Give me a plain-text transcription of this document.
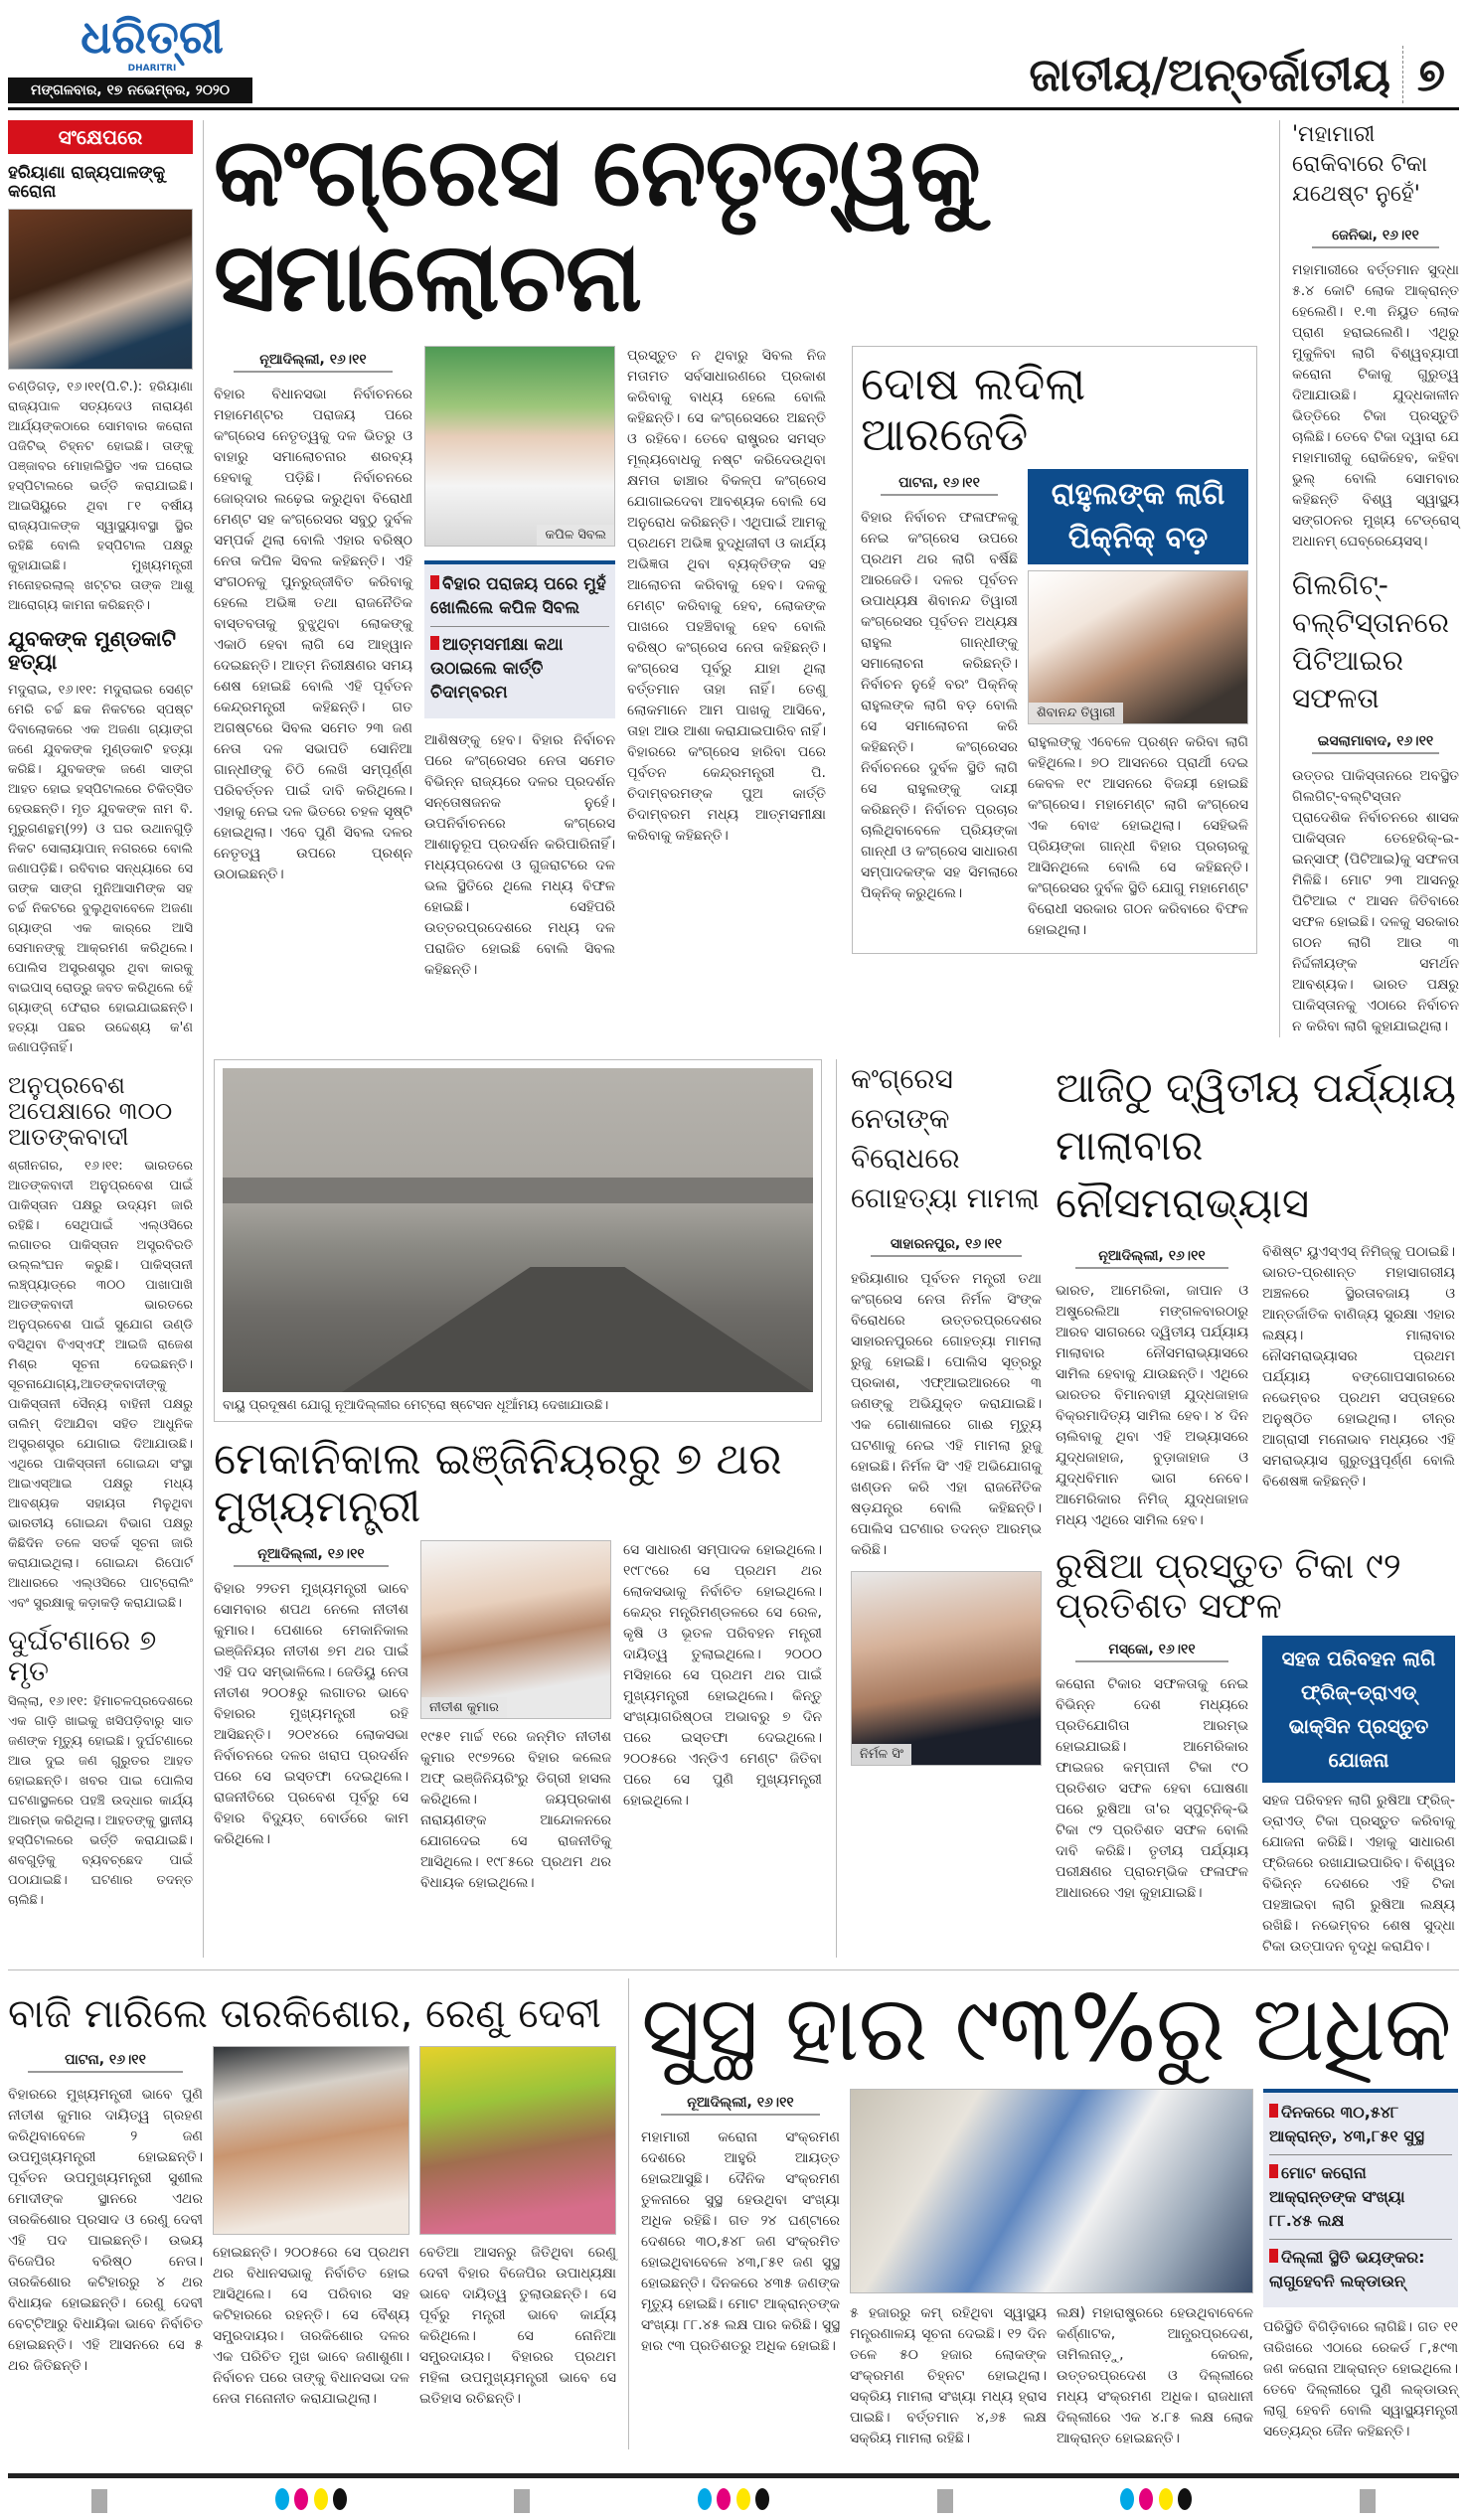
ଧରିତ୍ରୀ
DHARITRI
ମଙ୍ଗଳବାର, ୧୭ ନଭେମ୍ବର, ୨୦୨୦	ଜାତୀୟ/ଅନ୍ତର୍ଜାତୀୟ ୭
ସଂକ୍ଷେପରେ
ହରିୟାଣା ରାଜ୍ୟପାଳଙ୍କୁ କରୋନା
ଚଣ୍ଡିଗଡ଼, ୧୬।୧୧(ପି.ଟି.): ହରିୟାଣା ରାଜ୍ୟପାଳ ସତ୍ୟଦେଓ ନାରାୟଣ ଆର୍ଯ୍ୟଙ୍କଠାରେ ସୋମବାର କରୋନା ପଜିଟିଭ୍ ଚିହ୍ନଟ ହୋଇଛି। ତାଙ୍କୁ ପଞ୍ଜାବର ମୋହାଲିସ୍ଥିତ ଏକ ଘରୋଇ ହସ୍ପିଟାଲରେ ଭର୍ତ୍ତି କରାଯାଇଛି। ଆଇସିୟୁରେ ଥିବା ୮୧ ବର୍ଷୀୟ ରାଜ୍ୟପାଳଙ୍କ ସ୍ୱାସ୍ଥ୍ୟାବସ୍ଥା ସ୍ଥିର ରହିଛି ବୋଲି ହସ୍ପିଟାଲ ପକ୍ଷରୁ କୁହାଯାଇଛି। ମୁଖ୍ୟମନ୍ତ୍ରୀ ମନୋହରଲାଲ୍ ଖଟ୍ଟର ତାଙ୍କ ଆଶୁ ଆରୋଗ୍ୟ କାମନା କରିଛନ୍ତି।
ଯୁବକଙ୍କ ମୁଣ୍ଡକାଟି ହତ୍ୟା
ମଦୁରାଇ, ୧୬।୧୧: ମଦୁରାଇର ସେଣ୍ଟ ମେରି ଚର୍ଚ୍ଚ ଛକ ନିକଟରେ ସ୍ପଷ୍ଟ ଦିବାଲୋକରେ ଏକ ଅଜଣା ଗ୍ୟାଙ୍ଗ ଜଣେ ଯୁବକଙ୍କ ମୁଣ୍ଡକାଟି ହତ୍ୟା କରିଛି। ଯୁବକଙ୍କ ଜଣେ ସାଙ୍ଗ ଆହତ ହୋଇ ହସ୍ପିଟାଲରେ ଚିକିତ୍ସିତ ହେଉଛନ୍ତି। ମୃତ ଯୁବକଙ୍କ ନାମ ବି. ମୁରୁଗଣନ୍ଥମ୍(୨୨) ଓ ଘର ଉଥାନଗୁଡ଼ି ନିକଟ ସୋଲାୟାପାନ୍ ନଗରରେ ବୋଲି ଜଣାପଡ଼ିଛି। ରବିବାର ସନ୍ଧ୍ୟାରେ ସେ ତାଙ୍କ ସାଙ୍ଗ ମୁନିଆସାମିଙ୍କ ସହ ଚର୍ଚ୍ଚ ନିକଟରେ ବୁଲୁଥିବାବେଳେ ଅଜଣା ଗ୍ୟାଙ୍ଗ ଏକ କାର୍‌ରେ ଆସି ସେମାନଙ୍କୁ ଆକ୍ରମଣ କରିଥିଲେ। ପୋଲିସ ଅସ୍ତ୍ରଶସ୍ତ୍ର ଥିବା କାରକୁ ବାଇପାସ୍ ରୋଡ୍‌ରୁ ଜବତ କରିଥିଲେ ହେଁ ଗ୍ୟାଙ୍ଗ୍ ଫେରାର ହୋଇଯାଇଛନ୍ତି। ହତ୍ୟା ପଛର ଉଦ୍ଦେଶ୍ୟ କ'ଣ ଜଣାପଡ଼ିନାହିଁ।
ଅନୁପ୍ରବେଶ ଅପେକ୍ଷାରେ ୩୦୦ ଆତଙ୍କବାଦୀ
ଶ୍ରୀନଗର, ୧୬।୧୧: ଭାରତରେ ଆତଙ୍କବାଦୀ ଅନୁପ୍ରବେଶ ପାଇଁ ପାକିସ୍ତାନ ପକ୍ଷରୁ ଉଦ୍ୟମ ଜାରି ରହିଛି। ସେଥିପାଇଁ ଏଲ୍‌ଓସିରେ ଲଗାତର ପାକିସ୍ତାନ ଅସ୍ତ୍ରବିରତି ଉଲ୍ଲଂଘନ କରୁଛି। ପାକିସ୍ତାନୀ ଲଞ୍ଚ୍‌ପ୍ୟାଡ୍‌ରେ ୩୦୦ ପାଖାପାଖି ଆତଙ୍କବାଦୀ ଭାରତରେ ଅନୁପ୍ରବେଶ ପାଇଁ ସୁଯୋଗ ଉଣ୍ଡି ବସିଥିବା ବିଏସ୍‌ଏଫ୍ ଆଇଜି ରାଜେଶ ମିଶ୍ର ସୂଚନା ଦେଇଛନ୍ତି। ସୂଚନାଯୋଗ୍ୟ,ଆତଙ୍କବାଦୀଙ୍କୁ ପାକିସ୍ତାନୀ ସୈନ୍ୟ ବାହିନୀ ପକ୍ଷରୁ ତାଲିମ୍ ଦିଆଯିବା ସହିତ ଆଧୁନିକ ଅସ୍ତ୍ରଶସ୍ତ୍ର ଯୋଗାଇ ଦିଆଯାଉଛି। ଏଥିରେ ପାକିସ୍ତାନୀ ଗୋଇନ୍ଦା ସଂସ୍ଥା ଆଇଏସ୍‌ଆଇ ପକ୍ଷରୁ ମଧ୍ୟ ଆବଶ୍ୟକ ସହାୟତା ମିଳୁଥିବା ଭାରତୀୟ ଗୋଇନ୍ଦା ବିଭାଗ ପକ୍ଷରୁ କିଛିଦିନ ତଳେ ସତର୍କ ସୂଚନା ଜାରି କରାଯାଇଥିଲା। ଗୋଇନ୍ଦା ରିପୋର୍ଟ ଆଧାରରେ ଏଲ୍‌ଓସିରେ ପାଟ୍ରୋଲିଂ ଏବଂ ସୁରକ୍ଷାକୁ କଡ଼ାକଡ଼ି କରାଯାଇଛି।
ଦୁର୍ଘଟଣାରେ ୭ ମୃତ
ସିଲ୍ଲା, ୧୬।୧୧: ହିମାଚଳପ୍ରଦେଶରେ ଏକ ଗାଡ଼ି ଖାଇକୁ ଖସିପଡ଼ିବାରୁ ସାତ ଜଣଙ୍କ ମୃତ୍ୟୁ ହୋଇଛି। ଦୁର୍ଘଟଣାରେ ଆଉ ଦୁଇ ଜଣ ଗୁରୁତର ଆହତ ହୋଇଛନ୍ତି। ଖବର ପାଇ ପୋଲିସ ଘଟଣାସ୍ଥଳରେ ପହଞ୍ଚି ଉଦ୍ଧାର କାର୍ଯ୍ୟ ଆରମ୍ଭ କରିଥିଲା। ଆହତଙ୍କୁ ସ୍ଥାନୀୟ ହସ୍ପିଟାଲରେ ଭର୍ତ୍ତି କରାଯାଇଛି। ଶବଗୁଡ଼ିକୁ ବ୍ୟବଚ୍ଛେଦ ପାଇଁ ପଠାଯାଇଛି। ଘଟଣାର ତଦନ୍ତ ଚାଲିଛି।
କଂଗ୍ରେସ ନେତୃତ୍ୱକୁ ସମାଲୋଚନା
ନୂଆଦିଲ୍ଲୀ, ୧୬।୧୧
ବିହାର ବିଧାନସଭା ନିର୍ବାଚନରେ ମହାମେଣ୍ଟର ପରାଜୟ ପରେ କଂଗ୍ରେସ ନେତୃତ୍ୱକୁ ଦଳ ଭିତରୁ ଓ ବାହାରୁ ସମାଲୋଚନାର ଶରବ୍ୟ ହେବାକୁ ପଡ଼ିଛି। ନିର୍ବାଚନରେ ଜୋର୍‌ଦାର ଲଢ଼େଇ କରୁଥିବା ବିରୋଧୀ ମେଣ୍ଟ ସହ କଂଗ୍ରେସର ସବୁଠୁ ଦୁର୍ବଳ ସମ୍ପର୍କ ଥିଲା ବୋଲି ଏହାର ବରିଷ୍ଠ ନେତା କପିଳ ସିବଲ କହିଛନ୍ତି। ଏହି ସଂଗଠନକୁ ପୁନରୁଜ୍ଜୀବିତ କରିବାକୁ ହେଲେ ଅଭିଜ୍ଞ ତଥା ରାଜନୈତିକ ବାସ୍ତବତାକୁ ବୁଝୁଥିବା ଲୋକଙ୍କୁ ଏକାଠି ହେବା ଲାଗି ସେ ଆହ୍ୱାନ ଦେଇଛନ୍ତି। ଆତ୍ମ ନିରୀକ୍ଷଣର ସମୟ ଶେଷ ହୋଇଛି ବୋଲି ଏହି ପୂର୍ବତନ କେନ୍ଦ୍ରମନ୍ତ୍ରୀ କହିଛନ୍ତି। ଗତ ଅଗଷ୍ଟରେ ସିବଲ ସମେତ ୨୩ ଜଣ ନେତା ଦଳ ସଭାପତି ସୋନିଆ ଗାନ୍ଧୀଙ୍କୁ ଚିଠି ଲେଖି ସମ୍ପୂର୍ଣ୍ଣ ପରିବର୍ତ୍ତନ ପାଇଁ ଦାବି କରିଥିଲେ। ଏହାକୁ ନେଇ ଦଳ ଭିତରେ ଚହଳ ସୃଷ୍ଟି ହୋଇଥିଲା। ଏବେ ପୁଣି ସିବଲ ଦଳର ନେତୃତ୍ୱ ଉପରେ ପ୍ରଶ୍ନ ଉଠାଇଛନ୍ତି।
କପିଳ ସିବଲ
ବିହାର ପରାଜୟ ପରେ ମୁହଁ ଖୋଲିଲେ କପିଳ ସିବଲ
ଆତ୍ମସମୀକ୍ଷା କଥା ଉଠାଇଲେ କାର୍ତ୍ତି ଚିଦାମ୍ବରମ
ଆଶିଷଙ୍କୁ ହେବ। ବିହାର ନିର୍ବାଚନ ପରେ କଂଗ୍ରେସର ନେତା ସମେତ ବିଭିନ୍ନ ରାଜ୍ୟରେ ଦଳର ପ୍ରଦର୍ଶନ ସନ୍ତୋଷଜନକ ନୁହେଁ। ଉପନିର୍ବାଚନରେ କଂଗ୍ରେସ ଆଶାନୁରୂପ ପ୍ରଦର୍ଶନ କରିପାରିନାହିଁ। ମଧ୍ୟପ୍ରଦେଶ ଓ ଗୁଜରାଟରେ ଦଳ ଭଲ ସ୍ଥିତିରେ ଥିଲେ ମଧ୍ୟ ବିଫଳ ହୋଇଛି। ସେହିପରି ଉତ୍ତରପ୍ରଦେଶରେ ମଧ୍ୟ ଦଳ ପରାଜିତ ହୋଇଛି ବୋଲି ସିବଲ କହିଛନ୍ତି।
ପ୍ରସ୍ତୁତ ନ ଥିବାରୁ ସିବଲ ନିଜ ମତାମତ ସର୍ବସାଧାରଣରେ ପ୍ରକାଶ କରିବାକୁ ବାଧ୍ୟ ହେଲେ ବୋଲି କହିଛନ୍ତି। ସେ କଂଗ୍ରେସରେ ଅଛନ୍ତି ଓ ରହିବେ। ତେବେ ରାଷ୍ଟ୍ରର ସମସ୍ତ ମୂଲ୍ୟବୋଧକୁ ନଷ୍ଟ କରିଦେଉଥିବା କ୍ଷମତା ଢାଞ୍ଚାର ବିକଳ୍ପ କଂଗ୍ରେସ ଯୋଗାଇଦେବା ଆବଶ୍ୟକ ବୋଲି ସେ ଅନୁରୋଧ କରିଛନ୍ତି। ଏଥିପାଇଁ ଆମକୁ ପ୍ରଥମେ ଅଭିଜ୍ଞ ବୁଦ୍ଧିଜୀବୀ ଓ କାର୍ଯ୍ୟ ଅଭିଜ୍ଞତା ଥିବା ବ୍ୟକ୍ତିଙ୍କ ସହ ଆଲୋଚନା କରିବାକୁ ହେବ। ଦଳକୁ ମେଣ୍ଟ କରିବାକୁ ହେବ, ଲୋକଙ୍କ ପାଖରେ ପହଞ୍ଚିବାକୁ ହେବ ବୋଲି ବରିଷ୍ଠ କଂଗ୍ରେସ ନେତା କହିଛନ୍ତି। କଂଗ୍ରେସ ପୂର୍ବରୁ ଯାହା ଥିଲା ବର୍ତ୍ତମାନ ତାହା ନାହିଁ। ତେଣୁ ଲୋକମାନେ ଆମ ପାଖକୁ ଆସିବେ, ତାହା ଆଉ ଆଶା କରାଯାଇପାରିବ ନାହିଁ। ବିହାରରେ କଂଗ୍ରେସ ହାରିବା ପରେ ପୂର୍ବତନ କେନ୍ଦ୍ରମନ୍ତ୍ରୀ ପି. ଚିଦାମ୍ବରମଙ୍କ ପୁଅ କାର୍ତ୍ତି ଚିଦାମ୍ବରମ ମଧ୍ୟ ଆତ୍ମସମୀକ୍ଷା କରିବାକୁ କହିଛନ୍ତି।
ଦୋଷ ଲଦିଲା ଆରଜେଡି
ପାଟନା, ୧୬।୧୧
ବିହାର ନିର୍ବାଚନ ଫଳାଫଳକୁ ନେଇ କଂଗ୍ରେସ ଉପରେ ପ୍ରଥମ ଥର ଲାଗି ବର୍ଷିଛି ଆରଜେଡି। ଦଳର ପୂର୍ବତନ ଉପାଧ୍ୟକ୍ଷ ଶିବାନନ୍ଦ ତିୱାରୀ କଂଗ୍ରେସର ପୂର୍ବତନ ଅଧ୍ୟକ୍ଷ ରାହୁଲ ଗାନ୍ଧୀଙ୍କୁ ସମାଲୋଚନା କରିଛନ୍ତି। ନିର୍ବାଚନ ନୁହେଁ ବରଂ ପିକ୍‌ନିକ୍ ରାହୁଲଙ୍କ ଲାଗି ବଡ଼ ବୋଲି ସେ ସମାଲୋଚନା କରି କହିଛନ୍ତି। କଂଗ୍ରେସର ନିର୍ବାଚନରେ ଦୁର୍ବଳ ସ୍ଥିତି ଲାଗି ସେ ରାହୁଲଙ୍କୁ ଦାୟୀ କରିଛନ୍ତି। ନିର୍ବାଚନ ପ୍ରଚାର ଚାଲିଥିବାବେଳେ ପ୍ରିୟଙ୍କା ଗାନ୍ଧୀ ଓ କଂଗ୍ରେସ ସାଧାରଣ ସମ୍ପାଦକଙ୍କ ସହ ସିମଲାରେ ପିକ୍‌ନିକ୍ କରୁଥିଲେ।
ରାହୁଲଙ୍କ ଲାଗି ପିକ୍‌ନିକ୍ ବଡ଼
ଶିବାନନ୍ଦ ତିୱାରୀ
ରାହୁଲଙ୍କୁ ଏବେଳେ ପ୍ରଶ୍ନ କରିବା ଲାଗି କହିଥିଲେ। ୭୦ ଆସନରେ ପ୍ରାର୍ଥୀ ଦେଇ କେବଳ ୧୯ ଆସନରେ ବିଜୟୀ ହୋଇଛି କଂଗ୍ରେସ। ମହାମେଣ୍ଟ ଲାଗି କଂଗ୍ରେସ ଏକ ବୋଝ ହୋଇଥିଲା। ସେହିଭଳି ପ୍ରିୟଙ୍କା ଗାନ୍ଧୀ ବିହାର ପ୍ରଚାରକୁ ଆସିନଥିଲେ ବୋଲି ସେ କହିଛନ୍ତି। କଂଗ୍ରେସର ଦୁର୍ବଳ ସ୍ଥିତି ଯୋଗୁ ମହାମେଣ୍ଟ ବିରୋଧୀ ସରକାର ଗଠନ କରିବାରେ ବିଫଳ ହୋଇଥିଲା।
'ମହାମାରୀ ରୋକିବାରେ ଟିକା ଯଥେଷ୍ଟ ନୁହେଁ'
ଜେନିଭା, ୧୬।୧୧
ମହାମାରୀରେ ବର୍ତ୍ତମାନ ସୁଦ୍ଧା ୫.୪ କୋଟି ଲୋକ ଆକ୍ରାନ୍ତ ହେଲେଣି। ୧.୩ ନିୟୁତ ଲୋକ ପ୍ରାଣ ହରାଇଲେଣି। ଏଥିରୁ ମୁକୁଳିବା ଲାଗି ବିଶ୍ୱବ୍ୟାପୀ କରୋନା ଟିକାକୁ ଗୁରୁତ୍ୱ ଦିଆଯାଉଛି। ଯୁଦ୍ଧକାଳୀନ ଭିତ୍ତିରେ ଟିକା ପ୍ରସ୍ତୁତି ଚାଲିଛି। ତେବେ ଟିକା ଦ୍ୱାରା ଯେ ମହାମାରୀକୁ ରୋକିହେବ, କହିବା ଭୁଲ୍ ବୋଲି ସୋମବାର କହିଛନ୍ତି ବିଶ୍ୱ ସ୍ୱାସ୍ଥ୍ୟ ସଙ୍ଗଠନର ମୁଖ୍ୟ ଟେଡ୍ରୋସ୍ ଅଧାନମ୍ ଘେବ୍ରେୟେସସ୍।
ଗିଲଗିଟ୍-ବଲ୍ଟିସ୍ତାନରେ ପିଟିଆଇର ସଫଳତା
ଇସଲାମାବାଦ, ୧୬।୧୧
ଉତ୍ତର ପାକିସ୍ତାନରେ ଅବସ୍ଥିତ ଗିଲଗିଟ୍-ବଲ୍ଟିସ୍ତାନ ପ୍ରାଦେଶିକ ନିର୍ବାଚନରେ ଶାସକ ପାକିସ୍ତାନ ତେହେରିକ୍-ଇ-ଇନ୍‌ସାଫ୍ (ପିଟିଆଇ)କୁ ସଫଳତା ମିଳିଛି। ମୋଟ ୨୩ ଆସନରୁ ପିଟିଆଇ ୯ ଆସନ ଜିତିବାରେ ସଫଳ ହୋଇଛି। ଦଳକୁ ସରକାର ଗଠନ ଲାଗି ଆଉ ୩ ନିର୍ଦ୍ଦଳୀୟଙ୍କ ସମର୍ଥନ ଆବଶ୍ୟକ। ଭାରତ ପକ୍ଷରୁ ପାକିସ୍ତାନକୁ ଏଠାରେ ନିର୍ବାଚନ ନ କରିବା ଲାଗି କୁହାଯାଇଥିଲା।
ବାୟୁ ପ୍ରଦୂଷଣ ଯୋଗୁ ନୂଆଦିଲ୍ଲୀର ମେଟ୍ରୋ ଷ୍ଟେସନ ଧୂଆଁମୟ ଦେଖାଯାଉଛି।
ମେକାନିକାଲ ଇଞ୍ଜିନିୟରରୁ ୭ ଥର ମୁଖ୍ୟମନ୍ତ୍ରୀ
ନୂଆଦିଲ୍ଲୀ, ୧୬।୧୧
ବିହାର ୨୨ତମ ମୁଖ୍ୟମନ୍ତ୍ରୀ ଭାବେ ସୋମବାର ଶପଥ ନେଲେ ନୀତୀଶ କୁମାର। ପେଶାରେ ମେକାନିକାଲ ଇଞ୍ଜିନିୟର ନୀତୀଶ ୭ମ ଥର ପାଇଁ ଏହି ପଦ ସମ୍ଭାଳିଲେ। ଜେଡିୟୁ ନେତା ନୀତୀଶ ୨୦୦୫ରୁ ଲଗାତର ଭାବେ ବିହାରର ମୁଖ୍ୟମନ୍ତ୍ରୀ ରହି ଆସିଛନ୍ତି। ୨୦୧୪ରେ ଲୋକସଭା ନିର୍ବାଚନରେ ଦଳର ଖରାପ ପ୍ରଦର୍ଶନ ପରେ ସେ ଇସ୍ତଫା ଦେଇଥିଲେ। ରାଜନୀତିରେ ପ୍ରବେଶ ପୂର୍ବରୁ ସେ ବିହାର ବିଦ୍ୟୁତ୍ ବୋର୍ଡରେ କାମ କରିଥିଲେ।
ନୀତୀଶ କୁମାର
୧୯୫୧ ମାର୍ଚ୍ଚ ୧ରେ ଜନ୍ମିତ ନୀତୀଶ କୁମାର ୧୯୭୨ରେ ବିହାର କଲେଜ ଅଫ୍ ଇଞ୍ଜିନିୟରିଂରୁ ଡିଗ୍ରୀ ହାସଲ କରିଥିଲେ। ଜୟପ୍ରକାଶ ନାରାୟଣଙ୍କ ଆନ୍ଦୋଳନରେ ଯୋଗଦେଇ ସେ ରାଜନୀତିକୁ ଆସିଥିଲେ। ୧୯୮୫ରେ ପ୍ରଥମ ଥର ବିଧାୟକ ହୋଇଥିଲେ।
ସେ ସାଧାରଣ ସମ୍ପାଦକ ହୋଇଥିଲେ। ୧୯୮୯ରେ ସେ ପ୍ରଥମ ଥର ଲୋକସଭାକୁ ନିର୍ବାଚିତ ହୋଇଥିଲେ। କେନ୍ଦ୍ର ମନ୍ତ୍ରିମଣ୍ଡଳରେ ସେ ରେଳ, କୃଷି ଓ ଭୂତଳ ପରିବହନ ମନ୍ତ୍ରୀ ଦାୟିତ୍ୱ ତୁଲାଇଥିଲେ। ୨୦୦୦ ମସିହାରେ ସେ ପ୍ରଥମ ଥର ପାଇଁ ମୁଖ୍ୟମନ୍ତ୍ରୀ ହୋଇଥିଲେ। କିନ୍ତୁ ସଂଖ୍ୟାଗରିଷ୍ଠତା ଅଭାବରୁ ୭ ଦିନ ପରେ ଇସ୍ତଫା ଦେଇଥିଲେ। ୨୦୦୫ରେ ଏନ୍‌ଡିଏ ମେଣ୍ଟ ଜିତିବା ପରେ ସେ ପୁଣି ମୁଖ୍ୟମନ୍ତ୍ରୀ ହୋଇଥିଲେ।
କଂଗ୍ରେସ ନେତାଙ୍କ ବିରୋଧରେ ଗୋହତ୍ୟା ମାମଲା
ସାହାରନପୁର, ୧୬।୧୧
ହରିୟାଣାର ପୂର୍ବତନ ମନ୍ତ୍ରୀ ତଥା କଂଗ୍ରେସ ନେତା ନିର୍ମଳ ସିଂଙ୍କ ବିରୋଧରେ ଉତ୍ତରପ୍ରଦେଶର ସାହାରନପୁରରେ ଗୋହତ୍ୟା ମାମଲା ରୁଜୁ ହୋଇଛି। ପୋଲିସ ସୂତ୍ରରୁ ପ୍ରକାଶ, ଏଫ୍‌ଆଇଆରରେ ୩ ଜଣଙ୍କୁ ଅଭିଯୁକ୍ତ କରାଯାଇଛି। ଏକ ଗୋଶାଳାରେ ଗାଈ ମୃତ୍ୟୁ ଘଟଣାକୁ ନେଇ ଏହି ମାମଲା ରୁଜୁ ହୋଇଛି। ନିର୍ମଳ ସିଂ ଏହି ଅଭିଯୋଗକୁ ଖଣ୍ଡନ କରି ଏହା ରାଜନୈତିକ ଷଡ଼ଯନ୍ତ୍ର ବୋଲି କହିଛନ୍ତି। ପୋଲିସ ଘଟଣାର ତଦନ୍ତ ଆରମ୍ଭ କରିଛି।
ନିର୍ମଳ ସିଂ
ଆଜିଠୁ ଦ୍ୱିତୀୟ ପର୍ଯ୍ୟାୟ ମାଲାବାର ନୌସମରାଭ୍ୟାସ
ନୂଆଦିଲ୍ଲୀ, ୧୬।୧୧
ଭାରତ, ଆମେରିକା, ଜାପାନ ଓ ଅଷ୍ଟ୍ରେଲିଆ ମଙ୍ଗଳବାରଠାରୁ ଆରବ ସାଗରରେ ଦ୍ୱିତୀୟ ପର୍ଯ୍ୟାୟ ମାଲାବାର ନୌସମରାଭ୍ୟାସରେ ସାମିଲ ହେବାକୁ ଯାଉଛନ୍ତି। ଏଥିରେ ଭାରତର ବିମାନବାହୀ ଯୁଦ୍ଧଜାହାଜ ବିକ୍ରମାଦିତ୍ୟ ସାମିଲ ହେବ। ୪ ଦିନ ଚାଲିବାକୁ ଥିବା ଏହି ଅଭ୍ୟାସରେ ଯୁଦ୍ଧଜାହାଜ, ବୁଡ଼ାଜାହାଜ ଓ ଯୁଦ୍ଧବିମାନ ଭାଗ ନେବେ। ଆମେରିକାର ନିମିଜ୍ ଯୁଦ୍ଧଜାହାଜ ମଧ୍ୟ ଏଥିରେ ସାମିଲ ହେବ।
ବିଶିଷ୍ଟ ୟୁଏସ୍‌ଏସ୍ ନିମିଜ୍‌କୁ ପଠାଇଛି। ଭାରତ-ପ୍ରଶାନ୍ତ ମହାସାଗରୀୟ ଅଞ୍ଚଳରେ ସ୍ଥିରତାବଜାୟ ଓ ଆନ୍ତର୍ଜାତିକ ବାଣିଜ୍ୟ ସୁରକ୍ଷା ଏହାର ଲକ୍ଷ୍ୟ। ମାଲାବାର ନୌସମରାଭ୍ୟାସର ପ୍ରଥମ ପର୍ଯ୍ୟାୟ ବଙ୍ଗୋପସାଗରରେ ନଭେମ୍ବର ପ୍ରଥମ ସପ୍ତାହରେ ଅନୁଷ୍ଠିତ ହୋଇଥିଲା। ଚୀନ୍‌ର ଆଗ୍ରାସୀ ମନୋଭାବ ମଧ୍ୟରେ ଏହି ସମରାଭ୍ୟାସ ଗୁରୁତ୍ୱପୂର୍ଣ୍ଣ ବୋଲି ବିଶେଷଜ୍ଞ କହିଛନ୍ତି।
ରୁଷିଆ ପ୍ରସ୍ତୁତ ଟିକା ୯୨ ପ୍ରତିଶତ ସଫଳ
ମସ୍କୋ, ୧୬।୧୧
କରୋନା ଟିକାର ସଫଳତାକୁ ନେଇ ବିଭିନ୍ନ ଦେଶ ମଧ୍ୟରେ ପ୍ରତିଯୋଗିତା ଆରମ୍ଭ ହୋଇଯାଇଛି। ଆମେରିକାର ଫାଇଜର କମ୍ପାନୀ ଟିକା ୯୦ ପ୍ରତିଶତ ସଫଳ ହେବା ଘୋଷଣା ପରେ ରୁଷିଆ ତା'ର ସ୍ପୁଟ୍‌ନିକ୍-ଭି ଟିକା ୯୨ ପ୍ରତିଶତ ସଫଳ ବୋଲି ଦାବି କରିଛି। ତୃତୀୟ ପର୍ଯ୍ୟାୟ ପରୀକ୍ଷଣର ପ୍ରାରମ୍ଭିକ ଫଳାଫଳ ଆଧାରରେ ଏହା କୁହାଯାଇଛି।
ସହଜ ପରିବହନ ଲାଗି ଫ୍ରିଜ୍-ଡ୍ରାଏଡ୍ ଭାକ୍ସିନ ପ୍ରସ୍ତୁତ ଯୋଜନା
ସହଜ ପରିବହନ ଲାଗି ରୁଷିଆ ଫ୍ରିଜ୍-ଡ୍ରାଏଡ୍ ଟିକା ପ୍ରସ୍ତୁତ କରିବାକୁ ଯୋଜନା କରିଛି। ଏହାକୁ ସାଧାରଣ ଫ୍ରିଜରେ ରଖାଯାଇପାରିବ। ବିଶ୍ୱର ବିଭିନ୍ନ ଦେଶରେ ଏହି ଟିକା ପହଞ୍ଚାଇବା ଲାଗି ରୁଷିଆ ଲକ୍ଷ୍ୟ ରଖିଛି। ନଭେମ୍ବର ଶେଷ ସୁଦ୍ଧା ଟିକା ଉତ୍ପାଦନ ବୃଦ୍ଧି କରାଯିବ।
ବାଜି ମାରିଲେ ତାରକିଶୋର, ରେଣୁ ଦେବୀ
ପାଟନା, ୧୬।୧୧
ବିହାରରେ ମୁଖ୍ୟମନ୍ତ୍ରୀ ଭାବେ ପୁଣି ନୀତୀଶ କୁମାର ଦାୟିତ୍ୱ ଗ୍ରହଣ କରିଥିବାବେଳେ ୨ ଜଣ ଉପମୁଖ୍ୟମନ୍ତ୍ରୀ ହୋଇଛନ୍ତି। ପୂର୍ବତନ ଉପମୁଖ୍ୟମନ୍ତ୍ରୀ ସୁଶୀଲ ମୋଦୀଙ୍କ ସ୍ଥାନରେ ଏଥର ତାରକିଶୋର ପ୍ରସାଦ ଓ ରେଣୁ ଦେବୀ ଏହି ପଦ ପାଇଛନ୍ତି। ଉଭୟ ବିଜେପିର ବରିଷ୍ଠ ନେତା। ତାରକିଶୋର କଟିହାରରୁ ୪ ଥର ବିଧାୟକ ହୋଇଛନ୍ତି। ରେଣୁ ଦେବୀ ବେଟ୍ଟିଆରୁ ବିଧାୟିକା ଭାବେ ନିର୍ବାଚିତ ହୋଇଛନ୍ତି। ଏହି ଆସନରେ ସେ ୫ ଥର ଜିତିଛନ୍ତି।
ହୋଇଛନ୍ତି। ୨୦୦୫ରେ ସେ ପ୍ରଥମ ଥର ବିଧାନସଭାକୁ ନିର୍ବାଚିତ ହୋଇ ଆସିଥିଲେ। ସେ ପରିବାର ସହ କଟିହାରରେ ରହନ୍ତି। ସେ ବୈଶ୍ୟ ସମ୍ପ୍ରଦାୟର। ତାରକିଶୋର ଦଳର ଏକ ପରିଚିତ ମୁଖ ଭାବେ ଜଣାଶୁଣା। ନିର୍ବାଚନ ପରେ ତାଙ୍କୁ ବିଧାନସଭା ଦଳ ନେତା ମନୋନୀତ କରାଯାଇଥିଲା।
ବେତିଆ ଆସନରୁ ଜିତିଥିବା ରେଣୁ ଦେବୀ ବିହାର ବିଜେପିର ଉପାଧ୍ୟକ୍ଷା ଭାବେ ଦାୟିତ୍ୱ ତୁଲାଉଛନ୍ତି। ସେ ପୂର୍ବରୁ ମନ୍ତ୍ରୀ ଭାବେ କାର୍ଯ୍ୟ କରିଥିଲେ। ସେ ନୋନିଆ ସମ୍ପ୍ରଦାୟର। ବିହାରର ପ୍ରଥମ ମହିଳା ଉପମୁଖ୍ୟମନ୍ତ୍ରୀ ଭାବେ ସେ ଇତିହାସ ରଚିଛନ୍ତି।
ସୁସ୍ଥ ହାର ୯୩%ରୁ ଅଧିକ
ନୂଆଦିଲ୍ଲୀ, ୧୬।୧୧
ମହାମାରୀ କରୋନା ସଂକ୍ରମଣ ଦେଶରେ ଆହୁରି ଆୟତ୍ତ ହୋଇଆସୁଛି। ଦୈନିକ ସଂକ୍ରମଣ ତୁଳନାରେ ସୁସ୍ଥ ହେଉଥିବା ସଂଖ୍ୟା ଅଧିକ ରହିଛି। ଗତ ୨୪ ଘଣ୍ଟାରେ ଦେଶରେ ୩୦,୫୪୮ ଜଣ ସଂକ୍ରମିତ ହୋଇଥିବାବେଳେ ୪୩,୮୫୧ ଜଣ ସୁସ୍ଥ ହୋଇଛନ୍ତି। ଦିନକରେ ୪୩୫ ଜଣଙ୍କ ମୃତ୍ୟୁ ହୋଇଛି। ମୋଟ ଆକ୍ରାନ୍ତଙ୍କ ସଂଖ୍ୟା ୮୮.୪୫ ଲକ୍ଷ ପାର କରିଛି। ସୁସ୍ଥ ହାର ୯୩ ପ୍ରତିଶତରୁ ଅଧିକ ହୋଇଛି।
୫ ହଜାରରୁ କମ୍ ରହିଥିବା ସ୍ୱାସ୍ଥ୍ୟ ମନ୍ତ୍ରଣାଳୟ ସୂଚନା ଦେଇଛି। ୧୨ ଦିନ ତଳେ ୫୦ ହଜାର ଲୋକଙ୍କ ସଂକ୍ରମଣ ଚିହ୍ନଟ ହୋଇଥିଲା। ସକ୍ରିୟ ମାମଲା ସଂଖ୍ୟା ମଧ୍ୟ ହ୍ରାସ ପାଇଛି। ବର୍ତ୍ତମାନ ୪,୬୫ ଲକ୍ଷ ସକ୍ରିୟ ମାମଲା ରହିଛି।
ଲକ୍ଷ) ମହାରାଷ୍ଟ୍ରରେ ହେଉଥିବାବେଳେ କର୍ଣ୍ଣାଟକ, ଆନ୍ଧ୍ରପ୍ରଦେଶ, ତାମିଲନାଡ଼ୁ, କେରଳ, ଉତ୍ତରପ୍ରଦେଶ ଓ ଦିଲ୍ଲୀରେ ମଧ୍ୟ ସଂକ୍ରମଣ ଅଧିକ। ରାଜଧାନୀ ଦିଲ୍ଲୀରେ ଏକ ୪.୮୫ ଲକ୍ଷ ଲୋକ ଆକ୍ରାନ୍ତ ହୋଇଛନ୍ତି।
ଦିନକରେ ୩୦,୫୪୮ ଆକ୍ରାନ୍ତ, ୪୩,୮୫୧ ସୁସ୍ଥ
ମୋଟ କରୋନା ଆକ୍ରାନ୍ତଙ୍କ ସଂଖ୍ୟା ୮୮.୪୫ ଲକ୍ଷ
ଦିଲ୍ଲୀ ସ୍ଥିତି ଭୟଙ୍କର: ଲାଗୁହେବନି ଲକ୍‌ଡାଉନ୍
ପରିସ୍ଥିତି ବିଗିଡ଼ିବାରେ ଲାଗିଛି। ଗତ ୧୧ ତାରିଖରେ ଏଠାରେ ରେକର୍ଡ ୮,୫୯୩ ଜଣ କରୋନା ଆକ୍ରାନ୍ତ ହୋଇଥିଲେ। ତେବେ ଦିଲ୍ଲୀରେ ପୁଣି ଲକ୍‌ଡାଉନ୍ ଲାଗୁ ହେବନି ବୋଲି ସ୍ୱାସ୍ଥ୍ୟମନ୍ତ୍ରୀ ସତ୍ୟେନ୍ଦ୍ର ଜୈନ କହିଛନ୍ତି।
